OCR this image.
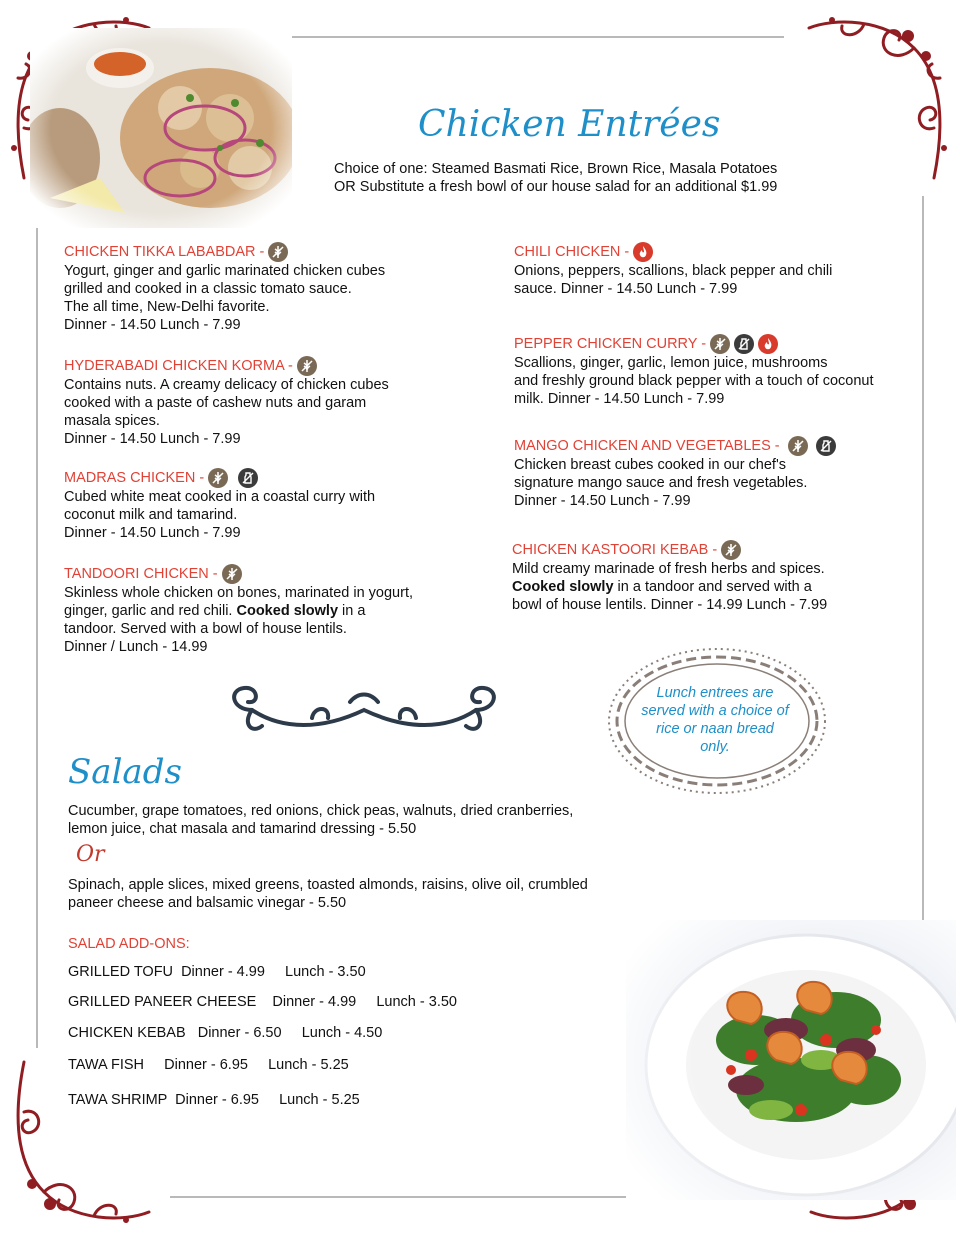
Chicken Entrées
Choice of one: Steamed Basmati Rice, Brown Rice, Masala Potatoes
OR Substitute a fresh bowl of our house salad for an additional $1.99
CHICKEN TIKKA LABABDAR -
Yogurt, ginger and garlic marinated chicken cubes
grilled and cooked in a classic tomato sauce.
The all time, New-Delhi favorite.
Dinner - 14.50 Lunch - 7.99
HYDERABADI CHICKEN KORMA -
Contains nuts. A creamy delicacy of chicken cubes
cooked with a paste of cashew nuts and garam
masala spices.
Dinner - 14.50 Lunch - 7.99
MADRAS CHICKEN -
Cubed white meat cooked in a coastal curry with
coconut milk and tamarind.
Dinner - 14.50 Lunch - 7.99
TANDOORI CHICKEN -
Skinless whole chicken on bones, marinated in yogurt,
ginger, garlic and red chili. Cooked slowly in a
tandoor. Served with a bowl of house lentils.
Dinner / Lunch - 14.99
CHILI CHICKEN -
Onions, peppers, scallions, black pepper and chili
sauce. Dinner - 14.50 Lunch - 7.99
PEPPER CHICKEN CURRY -
Scallions, ginger, garlic, lemon juice, mushrooms
and freshly ground black pepper with a touch of coconut
milk. Dinner - 14.50 Lunch - 7.99
MANGO CHICKEN AND VEGETABLES -
Chicken breast cubes cooked in our chef's
signature mango sauce and fresh vegetables.
Dinner - 14.50 Lunch - 7.99
CHICKEN KASTOORI KEBAB -
Mild creamy marinade of fresh herbs and spices.
Cooked slowly in a tandoor and served with a
bowl of house lentils. Dinner - 14.99 Lunch - 7.99
Lunch entrees are served with a choice of rice or naan bread only.
Salads
Cucumber, grape tomatoes, red onions, chick peas, walnuts, dried cranberries,
lemon juice, chat masala and tamarind dressing - 5.50
Or
Spinach, apple slices, mixed greens, toasted almonds, raisins, olive oil, crumbled
paneer cheese and balsamic vinegar - 5.50
SALAD ADD-ONS:
GRILLED TOFU  Dinner - 4.99     Lunch - 3.50
GRILLED PANEER CHEESE    Dinner - 4.99     Lunch - 3.50
CHICKEN KEBAB   Dinner - 6.50     Lunch - 4.50
TAWA FISH     Dinner - 6.95     Lunch - 5.25
TAWA SHRIMP  Dinner - 6.95     Lunch - 5.25
